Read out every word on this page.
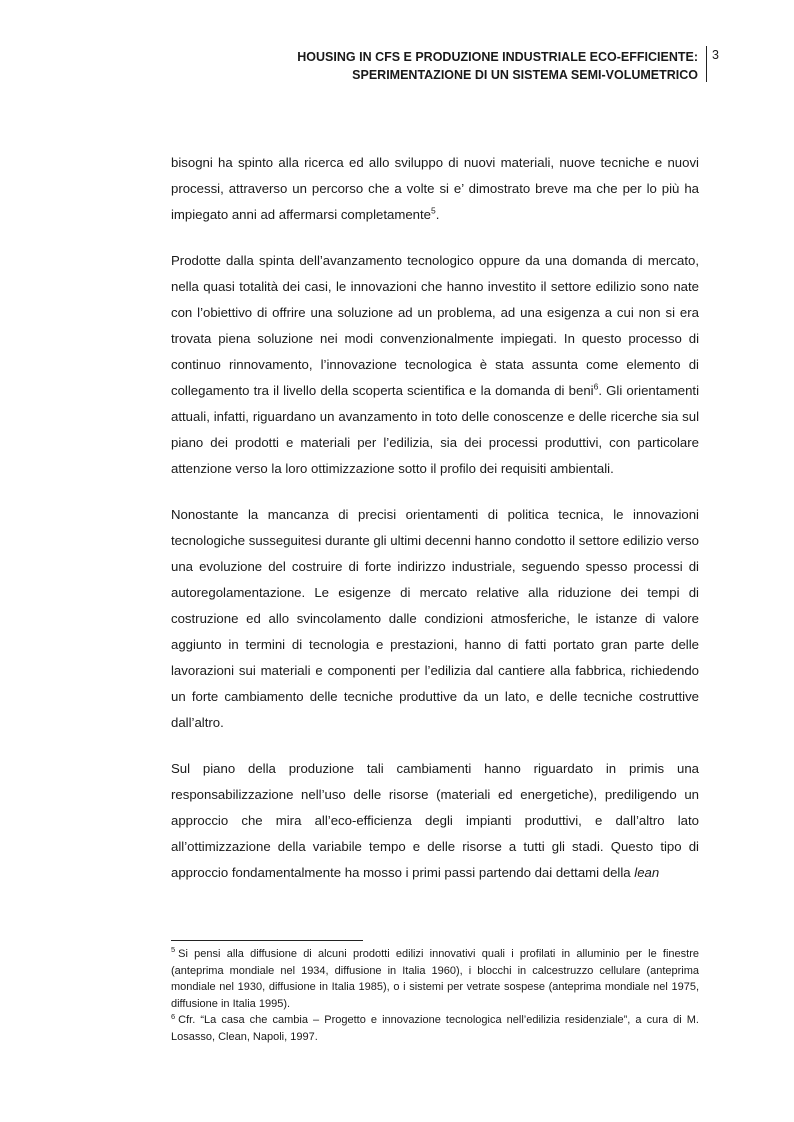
HOUSING IN CFS E PRODUZIONE INDUSTRIALE ECO-EFFICIENTE:
SPERIMENTAZIONE DI UN SISTEMA SEMI-VOLUMETRICO
3

bisogni ha spinto alla ricerca ed allo sviluppo di nuovi materiali, nuove tecniche e nuovi processi, attraverso un percorso che a volte si e’ dimostrato breve ma che per lo più ha impiegato anni ad affermarsi completamente$^5$.

Prodotte dalla spinta dell’avanzamento tecnologico oppure da una domanda di mercato, nella quasi totalità dei casi, le innovazioni che hanno investito il settore edilizio sono nate con l’obiettivo di offrire una soluzione ad un problema, ad una esigenza a cui non si era trovata piena soluzione nei modi convenzionalmente impiegati. In questo processo di continuo rinnovamento, l’innovazione tecnologica è stata assunta come elemento di collegamento tra il livello della scoperta scientifica e la domanda di beni$^6$. Gli orientamenti attuali, infatti, riguardano un avanzamento in toto delle conoscenze e delle ricerche sia sul piano dei prodotti e materiali per l’edilizia, sia dei processi produttivi, con particolare attenzione verso la loro ottimizzazione sotto il profilo dei requisiti ambientali.

Nonostante la mancanza di precisi orientamenti di politica tecnica, le innovazioni tecnologiche susseguitesi durante gli ultimi decenni hanno condotto il settore edilizio verso una evoluzione del costruire di forte indirizzo industriale, seguendo spesso processi di autoregolamentazione. Le esigenze di mercato relative alla riduzione dei tempi di costruzione ed allo svincolamento dalle condizioni atmosferiche, le istanze di valore aggiunto in termini di tecnologia e prestazioni, hanno di fatti portato gran parte delle lavorazioni sui materiali e componenti per l’edilizia dal cantiere alla fabbrica, richiedendo un forte cambiamento delle tecniche produttive da un lato, e delle tecniche costruttive dall’altro.

Sul piano della produzione tali cambiamenti hanno riguardato in primis una responsabilizzazione nell’uso delle risorse (materiali ed energetiche), prediligendo un approccio che mira all’eco-efficienza degli impianti produttivi, e dall’altro lato all’ottimizzazione della variabile tempo e delle risorse a tutti gli stadi. Questo tipo di approccio fondamentalmente ha mosso i primi passi partendo dai dettami della lean

$^5$ Si pensi alla diffusione di alcuni prodotti edilizi innovativi quali i profilati in alluminio per le finestre (anteprima mondiale nel 1934, diffusione in Italia 1960), i blocchi in calcestruzzo cellulare (anteprima mondiale nel 1930, diffusione in Italia 1985), o i sistemi per vetrate sospese (anteprima mondiale nel 1975, diffusione in Italia 1995).

$^6$ Cfr. “La casa che cambia – Progetto e innovazione tecnologica nell’edilizia residenziale”, a cura di M. Losasso, Clean, Napoli, 1997.
